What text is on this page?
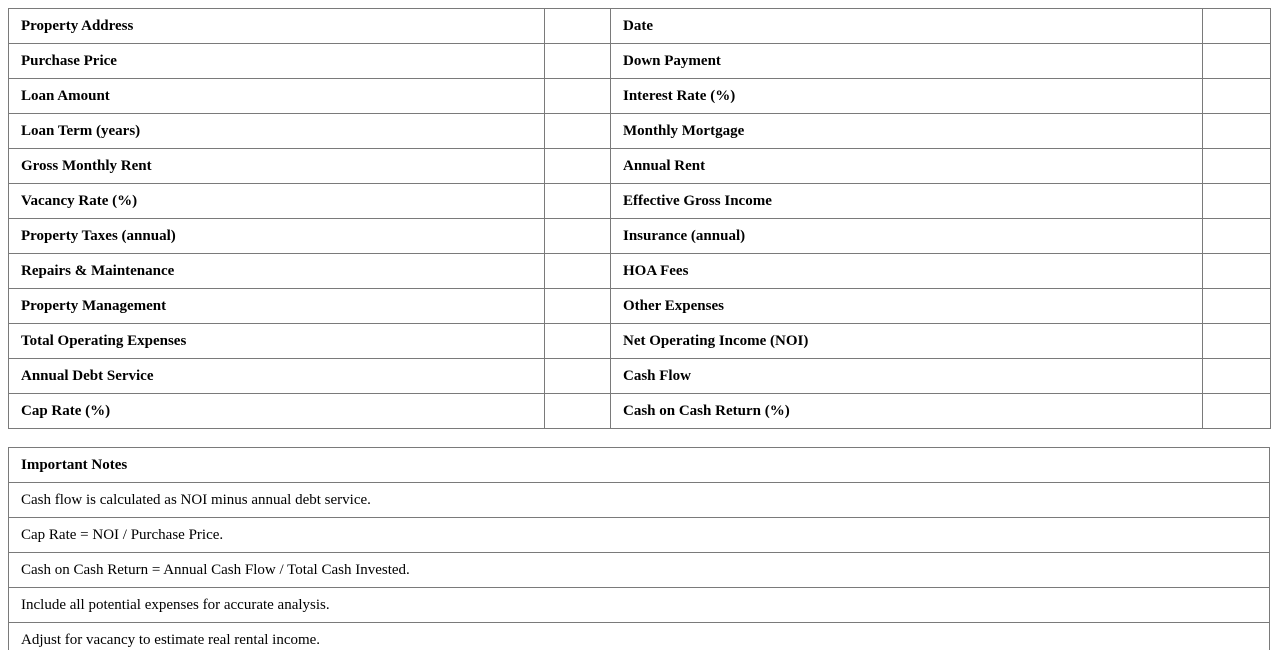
Property Address		Date	
Purchase Price		Down Payment	
Loan Amount		Interest Rate (%)	
Loan Term (years)		Monthly Mortgage	
Gross Monthly Rent		Annual Rent	
Vacancy Rate (%)		Effective Gross Income	
Property Taxes (annual)		Insurance (annual)	
Repairs & Maintenance		HOA Fees	
Property Management		Other Expenses	
Total Operating Expenses		Net Operating Income (NOI)	
Annual Debt Service		Cash Flow	
Cap Rate (%)		Cash on Cash Return (%)	
Important Notes
Cash flow is calculated as NOI minus annual debt service.
Cap Rate = NOI / Purchase Price.
Cash on Cash Return = Annual Cash Flow / Total Cash Invested.
Include all potential expenses for accurate analysis.
Adjust for vacancy to estimate real rental income.
